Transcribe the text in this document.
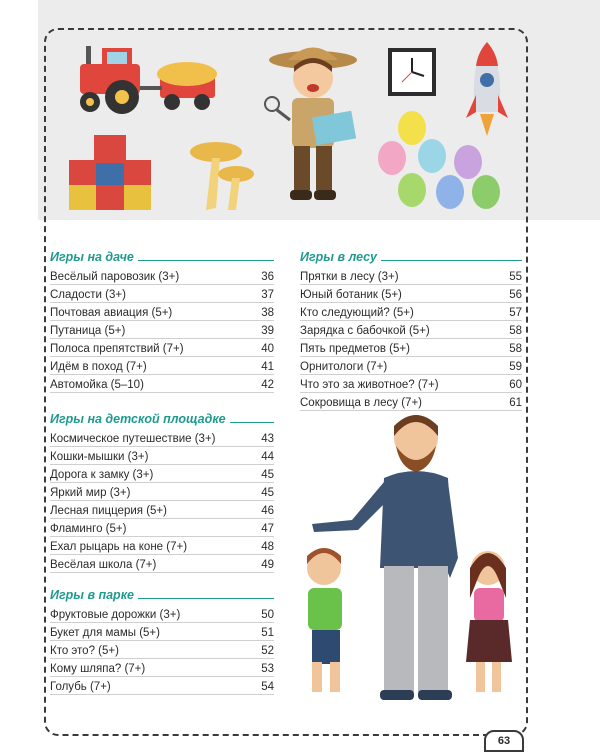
Игры на даче
Весёлый паровозик (3+)	36
Сладости (3+)	37
Почтовая авиация (5+)	38
Путаница (5+)	39
Полоса препятствий (7+)	40
Идём в поход (7+)	41
Автомойка (5–10)	42
Игры на детской площадке
Космическое путешествие (3+)	43
Кошки-мышки (3+)	44
Дорога к замку (3+)	45
Яркий мир (3+)	45
Лесная пиццерия (5+)	46
Фламинго (5+)	47
Ехал рыцарь на коне (7+)	48
Весёлая школа (7+)	49
Игры в парке
Фруктовые дорожки (3+)	50
Букет для мамы (5+)	51
Кто это? (5+)	52
Кому шляпа? (7+)	53
Голубь (7+)	54
Игры в лесу
Прятки в лесу (3+)	55
Юный ботаник (5+)	56
Кто следующий? (5+)	57
Зарядка с бабочкой (5+)	58
Пять предметов (5+)	58
Орнитологи (7+)	59
Что это за животное? (7+)	60
Сокровища в лесу (7+)	61
63
